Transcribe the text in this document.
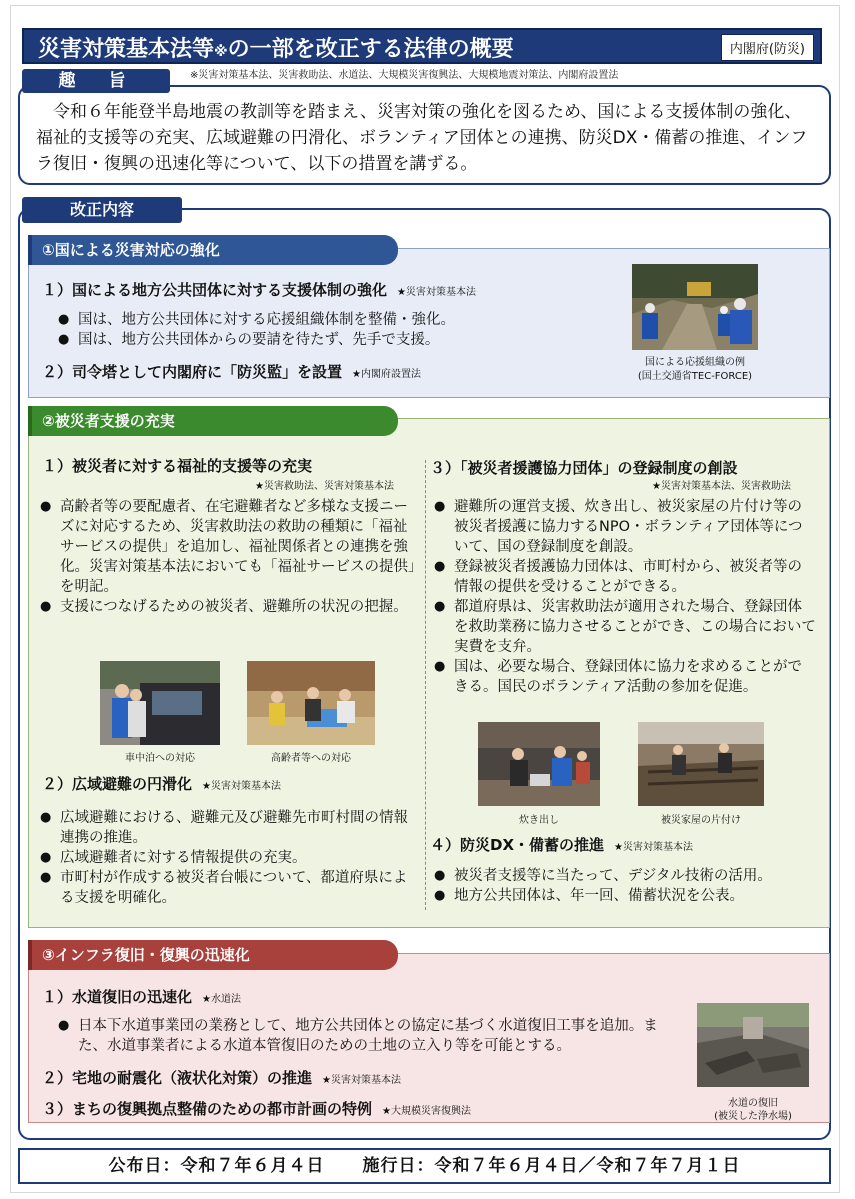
災害対策基本法等※の一部を改正する法律の概要	内閣府(防災)

令和６年能登半島地震の教訓等を踏まえ、災害対策の強化を図るため、国による支援体制の強化、福祉的支援等の充実、広域避難の円滑化、ボランティア団体との連携、防災DX・備蓄の推進、インフラ復旧・復興の迅速化等について、以下の措置を講ずる。

趣　旨	※災害対策基本法、災害救助法、水道法、大規模災害復興法、大規模地震対策法、内閣府設置法
改正内容
①国による災害対応の強化
１）国による地方公共団体に対する支援体制の強化 ★災害対策基本法
● 国は、地方公共団体に対する応援組織体制を整備・強化。
● 国は、地方公共団体からの要請を待たず、先手で支援。
２）司令塔として内閣府に「防災監」を設置 ★内閣府設置法
国による応援組織の例
(国土交通省TEC-FORCE)
②被災者支援の充実
１）被災者に対する福祉的支援等の充実
★災害救助法、災害対策基本法
● 高齢者等の要配慮者、在宅避難者など多様な支援ニーズに対応するため、災害救助法の救助の種類に「福祉サービスの提供」を追加し、福祉関係者との連携を強化。災害対策基本法においても「福祉サービスの提供」を明記。
● 支援につなげるための被災者、避難所の状況の把握。
車中泊への対応	高齢者等への対応
２）広域避難の円滑化 ★災害対策基本法
● 広域避難における、避難元及び避難先市町村間の情報連携の推進。
● 広域避難者に対する情報提供の充実。
● 市町村が作成する被災者台帳について、都道府県による支援を明確化。
３）「被災者援護協力団体」の登録制度の創設
★災害対策基本法、災害救助法
● 避難所の運営支援、炊き出し、被災家屋の片付け等の被災者援護に協力するNPO・ボランティア団体等について、国の登録制度を創設。
● 登録被災者援護協力団体は、市町村から、被災者等の情報の提供を受けることができる。
● 都道府県は、災害救助法が適用された場合、登録団体を救助業務に協力させることができ、この場合において実費を支弁。
● 国は、必要な場合、登録団体に協力を求めることができる。国民のボランティア活動の参加を促進。
炊き出し	被災家屋の片付け
４）防災DX・備蓄の推進 ★災害対策基本法
● 被災者支援等に当たって、デジタル技術の活用。
● 地方公共団体は、年一回、備蓄状況を公表。
③インフラ復旧・復興の迅速化
１）水道復旧の迅速化 ★水道法
● 日本下水道事業団の業務として、地方公共団体との協定に基づく水道復旧工事を追加。また、水道事業者による水道本管復旧のための土地の立入り等を可能とする。
２）宅地の耐震化（液状化対策）の推進 ★災害対策基本法
３）まちの復興拠点整備のための都市計画の特例 ★大規模災害復興法
水道の復旧
(被災した浄水場)
公布日：令和７年６月４日 施行日：令和７年６月４日／令和７年７月１日
